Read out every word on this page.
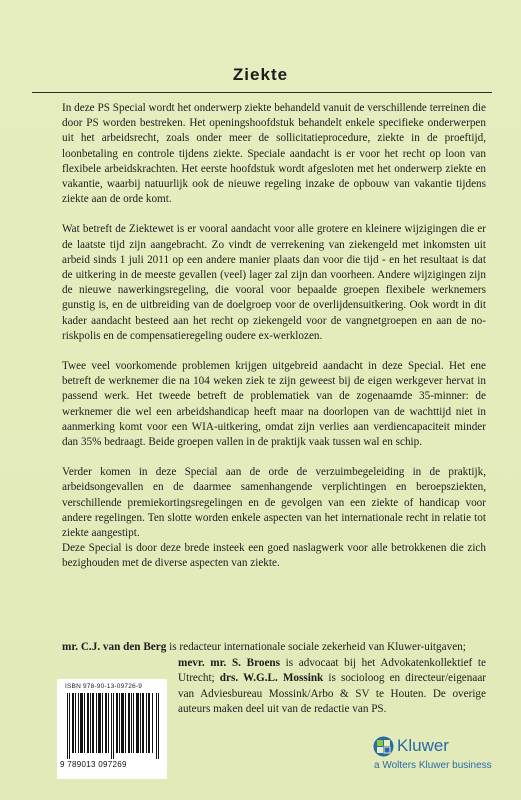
Ziekte

In deze PS Special wordt het onderwerp ziekte behandeld vanuit de verschillende terreinen die door PS worden bestreken. Het openingshoofdstuk behandelt enkele specifieke onderwerpen uit het arbeidsrecht, zoals onder meer de sollicitatieprocedure, ziekte in de proeftijd, loonbetaling en controle tijdens ziekte. Speciale aandacht is er voor het recht op loon van flexibele arbeidskrachten. Het eerste hoofdstuk wordt afgesloten met het onderwerp ziekte en vakantie, waarbij natuurlijk ook de nieuwe regeling inzake de opbouw van vakantie tijdens ziekte aan de orde komt.

Wat betreft de Ziektewet is er vooral aandacht voor alle grotere en kleinere wijzigingen die er de laatste tijd zijn aangebracht. Zo vindt de verrekening van ziekengeld met inkomsten uit arbeid sinds 1 juli 2011 op een andere manier plaats dan voor die tijd - en het resultaat is dat de uitkering in de meeste gevallen (veel) lager zal zijn dan voorheen. Andere wijzigingen zijn de nieuwe nawerkingsregeling, die vooral voor bepaalde groepen flexibele werknemers gunstig is, en de uitbreiding van de doelgroep voor de overlijdensuitkering. Ook wordt in dit kader aandacht besteed aan het recht op ziekengeld voor de vangnetgroepen en aan de no-riskpolis en de compensatieregeling oudere ex-werklozen.

Twee veel voorkomende problemen krijgen uitgebreid aandacht in deze Special. Het ene betreft de werknemer die na 104 weken ziek te zijn geweest bij de eigen werkgever hervat in passend werk. Het tweede betreft de problematiek van de zogenaamde 35-minner: de werknemer die wel een arbeidshandicap heeft maar na doorlopen van de wachttijd niet in aanmerking komt voor een WIA-uitkering, omdat zijn verlies aan verdiencapaciteit minder dan 35% bedraagt. Beide groepen vallen in de praktijk vaak tussen wal en schip.

Verder komen in deze Special aan de orde de verzuimbegeleiding in de praktijk, arbeidsongevallen en de daarmee samenhangende verplichtingen en beroepsziekten, verschillende premiekortingsregelingen en de gevolgen van een ziekte of handicap voor andere regelingen. Ten slotte worden enkele aspecten van het internationale recht in relatie tot ziekte aangestipt.

Deze Special is door deze brede insteek een goed naslagwerk voor alle betrokkenen die zich bezighouden met de diverse aspecten van ziekte.

mr. C.J. van den Berg is redacteur internationale sociale zekerheid van Kluwer-uitgaven;

mevr. mr. S. Broens is advocaat bij het Advokatenkollektief te Utrecht; drs. W.G.L. Mossink is socioloog en directeur/eigenaar van Adviesbureau Mossink/Arbo & SV te Houten. De overige auteurs maken deel uit van de redactie van PS.

ISBN 978-90-13-09726-9
9 789013 097269
Kluwer
a Wolters Kluwer business
